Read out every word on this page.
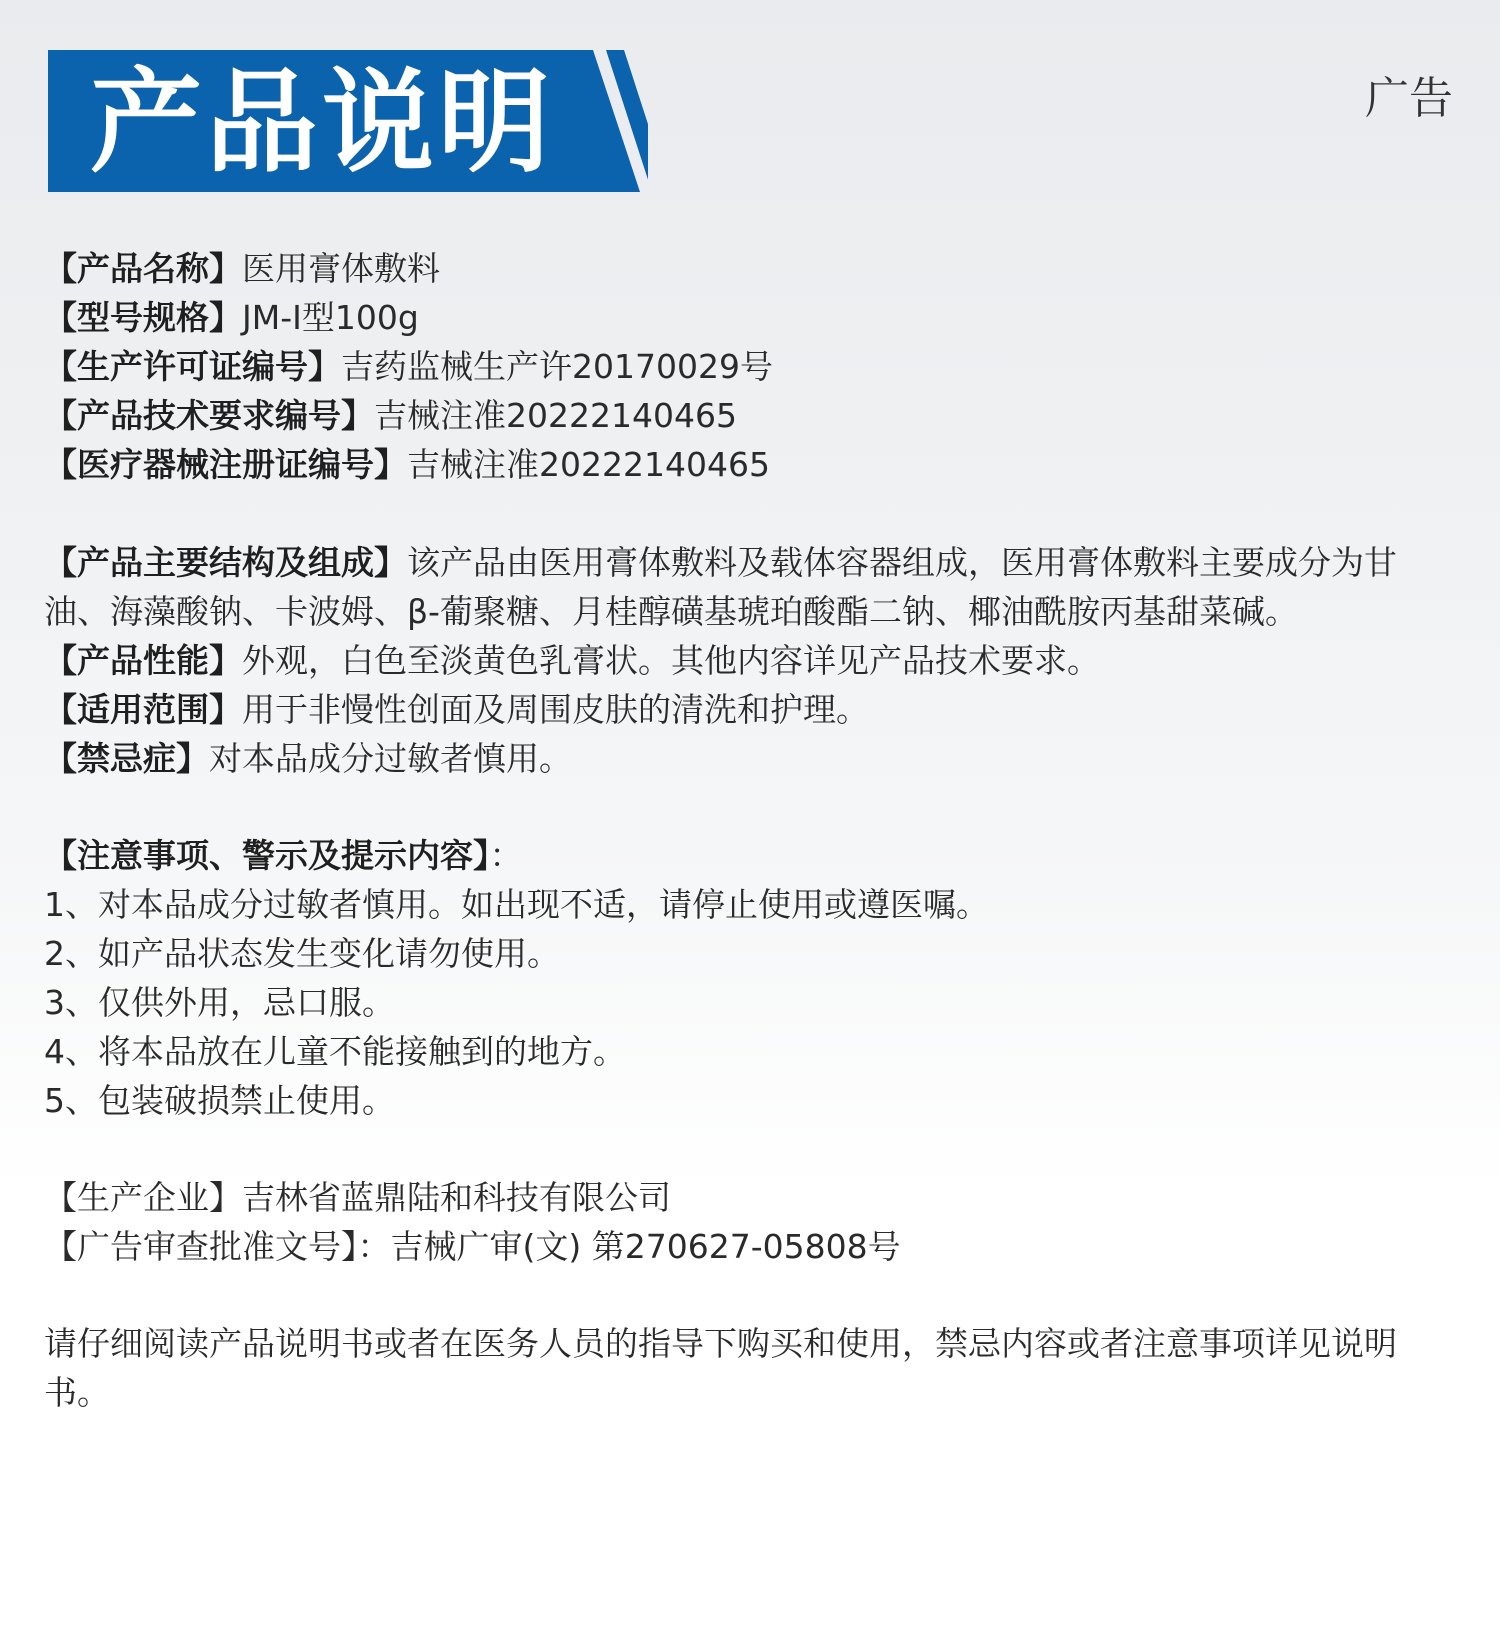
产品说明	广告

【产品名称】医用膏体敷料

【型号规格】JM-I型100g

【生产许可证编号】吉药监械生产许20170029号

【产品技术要求编号】吉械注准20222140465

【医疗器械注册证编号】吉械注准20222140465

【产品主要结构及组成】该产品由医用膏体敷料及载体容器组成，医用膏体敷料主要成分为甘

油、海藻酸钠、卡波姆、β-葡聚糖、月桂醇磺基琥珀酸酯二钠、椰油酰胺丙基甜菜碱。

【产品性能】外观，白色至淡黄色乳膏状。其他内容详见产品技术要求。

【适用范围】用于非慢性创面及周围皮肤的清洗和护理。

【禁忌症】对本品成分过敏者慎用。

【注意事项、警示及提示内容】：

1、对本品成分过敏者慎用。如出现不适，请停止使用或遵医嘱。

2、如产品状态发生变化请勿使用。

3、仅供外用，忌口服。

4、将本品放在儿童不能接触到的地方。

5、包装破损禁止使用。

【生产企业】吉林省蓝鼎陆和科技有限公司

【广告审查批准文号】：吉械广审(文) 第270627-05808号

请仔细阅读产品说明书或者在医务人员的指导下购买和使用，禁忌内容或者注意事项详见说明书。
